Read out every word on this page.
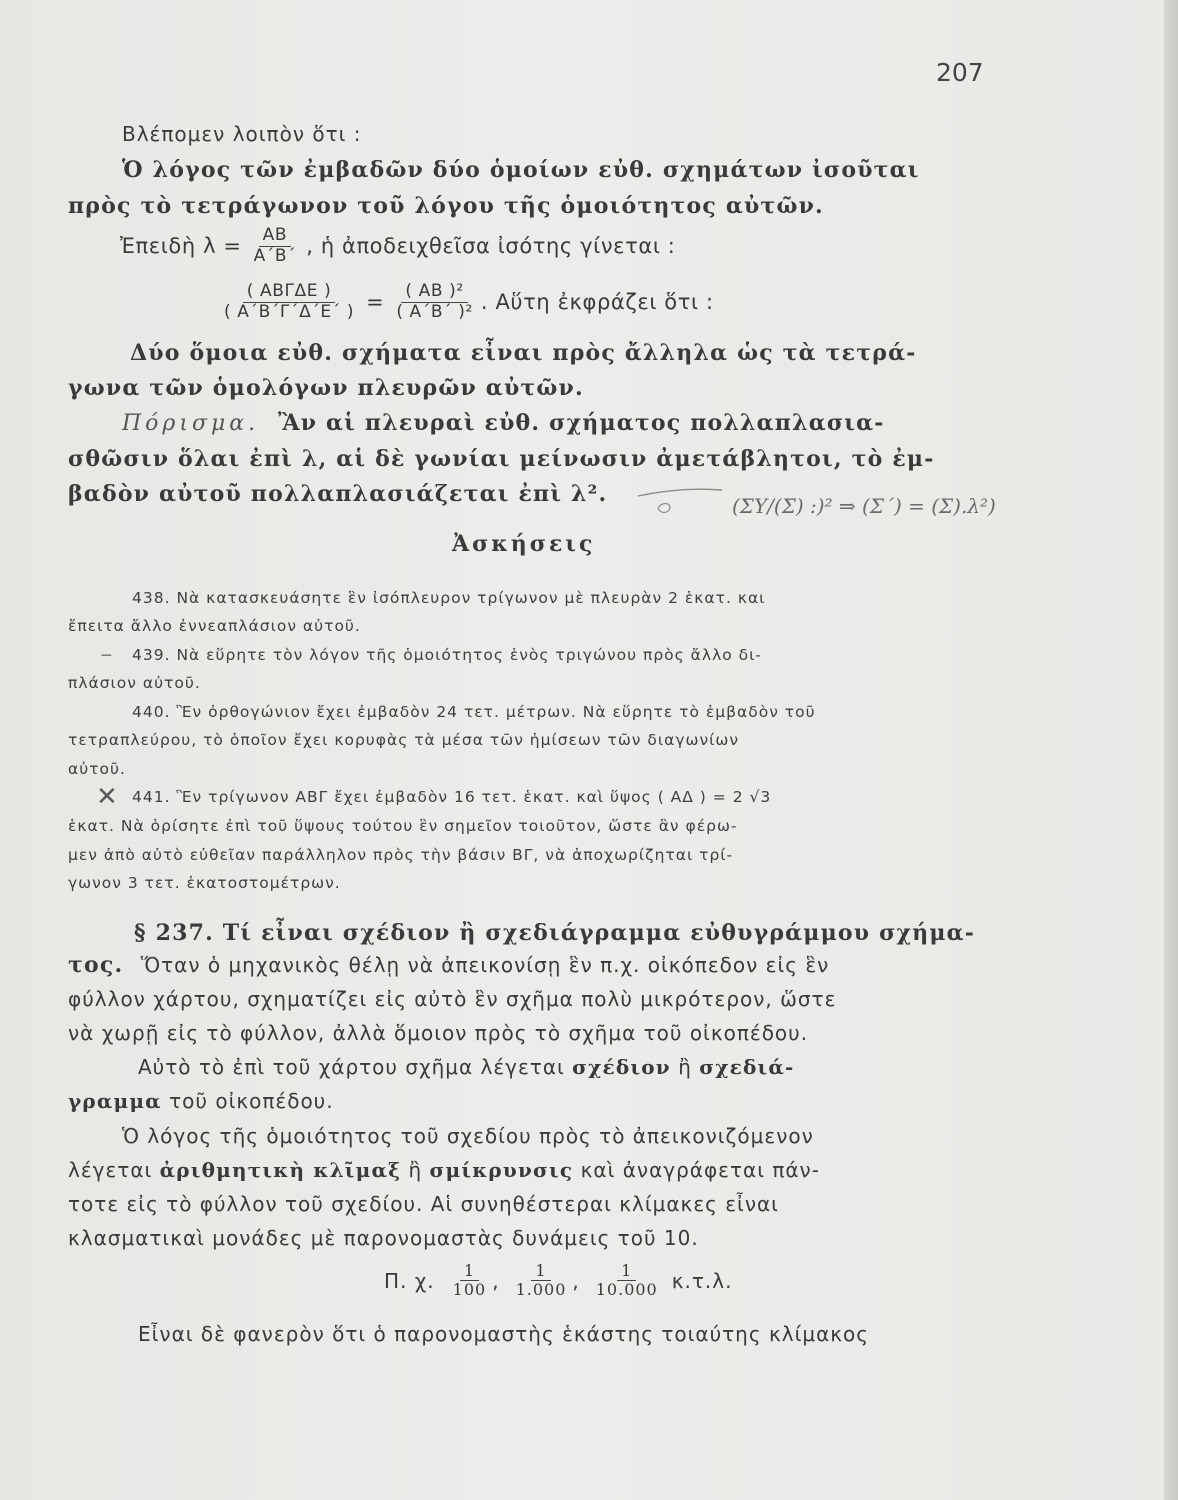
207
Βλέπομεν λοιπὸν ὅτι :
Ὁ λόγος τῶν ἐμβαδῶν δύο ὁμοίων εὐθ. σχημάτων ἰσοῦται
πρὸς τὸ τετράγωνον τοῦ λόγου τῆς ὁμοιότητος αὐτῶν.
Ἐπειδὴ $\lambda = \frac{AB}{A΄B΄}$ , ἡ ἀποδειχθεῖσα ἰσότης γίνεται :
$\frac{\text{( ΑΒΓΔΕ )}}{( A΄B΄\Gamma΄\Delta΄E΄ )} = \frac{\text{( ΑΒ )²}}{\text{( Α΄Β΄ )²}}$ . Αὕτη ἐκφράζει ὅτι :
Δύο ὅμοια εὐθ. σχήματα εἶναι πρὸς ἄλληλα ὡς τὰ τετρά-
γωνα τῶν ὁμολόγων πλευρῶν αὐτῶν.
Πόρισμα. Ἂν αἱ πλευραὶ εὐθ. σχήματος πολλαπλασια-
σθῶσιν ὅλαι ἐπὶ λ, αἱ δὲ γωνίαι μείνωσιν ἀμετάβλητοι, τὸ ἐμ-
βαδὸν αὐτοῦ πολλαπλασιάζεται ἐπὶ λ².	(ΣΥ/(Σ) :)² ⇒ (Σ΄) = (Σ).λ²)
Ἀσκήσεις
438. Νὰ κατασκευάσητε ἓν ἰσόπλευρον τρίγωνον μὲ πλευρὰν 2 ἑκατ. και
ἔπειτα ἄλλο ἐννεαπλάσιον αὐτοῦ.
− 439. Νὰ εὕρητε τὸν λόγον τῆς ὁμοιότητος ἑνὸς τριγώνου πρὸς ἄλλο δι-
πλάσιον αὐτοῦ.
440. Ἓν ὀρθογώνιον ἔχει ἐμβαδὸν 24 τετ. μέτρων. Νὰ εὕρητε τὸ ἐμβαδὸν τοῦ
τετραπλεύρου, τὸ ὁποῖον ἔχει κορυφὰς τὰ μέσα τῶν ἡμίσεων τῶν διαγωνίων
αὐτοῦ.
✕ 441. Ἓν τρίγωνον ΑΒΓ ἔχει ἐμβαδὸν 16 τετ. ἑκατ. καὶ ὕψος ( ΑΔ ) = 2 √3
ἑκατ. Νὰ ὁρίσητε ἐπὶ τοῦ ὕψους τούτου ἓν σημεῖον τοιοῦτον, ὥστε ἂν φέρω-
μεν ἀπὸ αὐτὸ εὐθεῖαν παράλληλον πρὸς τὴν βάσιν ΒΓ, νὰ ἀποχωρίζηται τρί-
γωνον 3 τετ. ἑκατοστομέτρων.
§ 237. Τί εἶναι σχέδιον ἢ σχεδιάγραμμα εὐθυγράμμου σχήμα-
τος. Ὅταν ὁ μηχανικὸς θέλῃ νὰ ἀπεικονίσῃ ἓν π.χ. οἰκόπεδον εἰς ἓν
φύλλον χάρτου, σχηματίζει εἰς αὐτὸ ἓν σχῆμα πολὺ μικρότερον, ὥστε
νὰ χωρῇ εἰς τὸ φύλλον, ἀλλὰ ὅμοιον πρὸς τὸ σχῆμα τοῦ οἰκοπέδου.
Αὐτὸ τὸ ἐπὶ τοῦ χάρτου σχῆμα λέγεται σχέδιον ἢ σχεδιά-
γραμμα τοῦ οἰκοπέδου.
Ὁ λόγος τῆς ὁμοιότητος τοῦ σχεδίου πρὸς τὸ ἀπεικονιζόμενον
λέγεται ἀριθμητικὴ κλῖμαξ ἢ σμίκρυνσις καὶ ἀναγράφεται πάν-
τοτε εἰς τὸ φύλλον τοῦ σχεδίου. Αἱ συνηθέστεραι κλίμακες εἶναι
κλασματικαὶ μονάδες μὲ παρονομαστὰς δυνάμεις τοῦ 10.
Π. χ. $\frac{1}{100}$ , $\frac{1}{1.000}$ , $\frac{1}{10.000} \kappa.\tau.\lambda$.
Εἶναι δὲ φανερὸν ὅτι ὁ παρονομαστὴς ἑκάστης τοιαύτης κλίμακος
